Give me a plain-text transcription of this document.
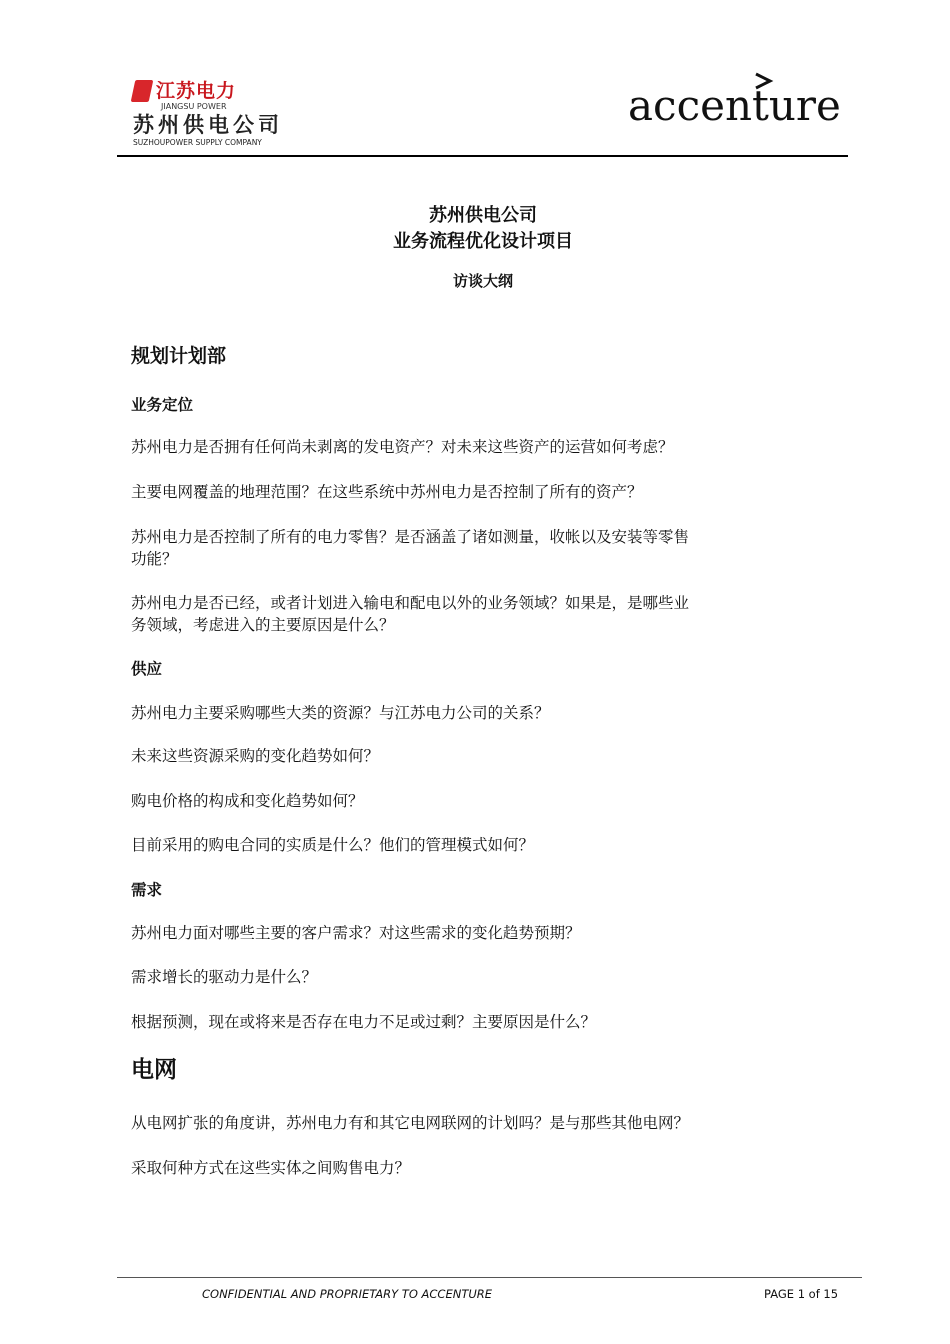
江苏电力
JIANGSU POWER
苏州供电公司
SUZHOUPOWER SUPPLY COMPANY
accenture
苏州供电公司
业务流程优化设计项目
访谈大纲
规划计划部
业务定位
苏州电力是否拥有任何尚未剥离的发电资产？对未来这些资产的运营如何考虑？
主要电网覆盖的地理范围？在这些系统中苏州电力是否控制了所有的资产？
苏州电力是否控制了所有的电力零售？是否涵盖了诸如测量，收帐以及安装等零售
功能？
苏州电力是否已经，或者计划进入输电和配电以外的业务领域？如果是，是哪些业
务领域，考虑进入的主要原因是什么？
供应
苏州电力主要采购哪些大类的资源？与江苏电力公司的关系？
未来这些资源采购的变化趋势如何？
购电价格的构成和变化趋势如何？
目前采用的购电合同的实质是什么？他们的管理模式如何？
需求
苏州电力面对哪些主要的客户需求？对这些需求的变化趋势预期？
需求增长的驱动力是什么？
根据预测，现在或将来是否存在电力不足或过剩？主要原因是什么？
电网
从电网扩张的角度讲，苏州电力有和其它电网联网的计划吗？是与那些其他电网？
采取何种方式在这些实体之间购售电力？
CONFIDENTIAL AND PROPRIETARY TO ACCENTURE	PAGE 1 of 15
